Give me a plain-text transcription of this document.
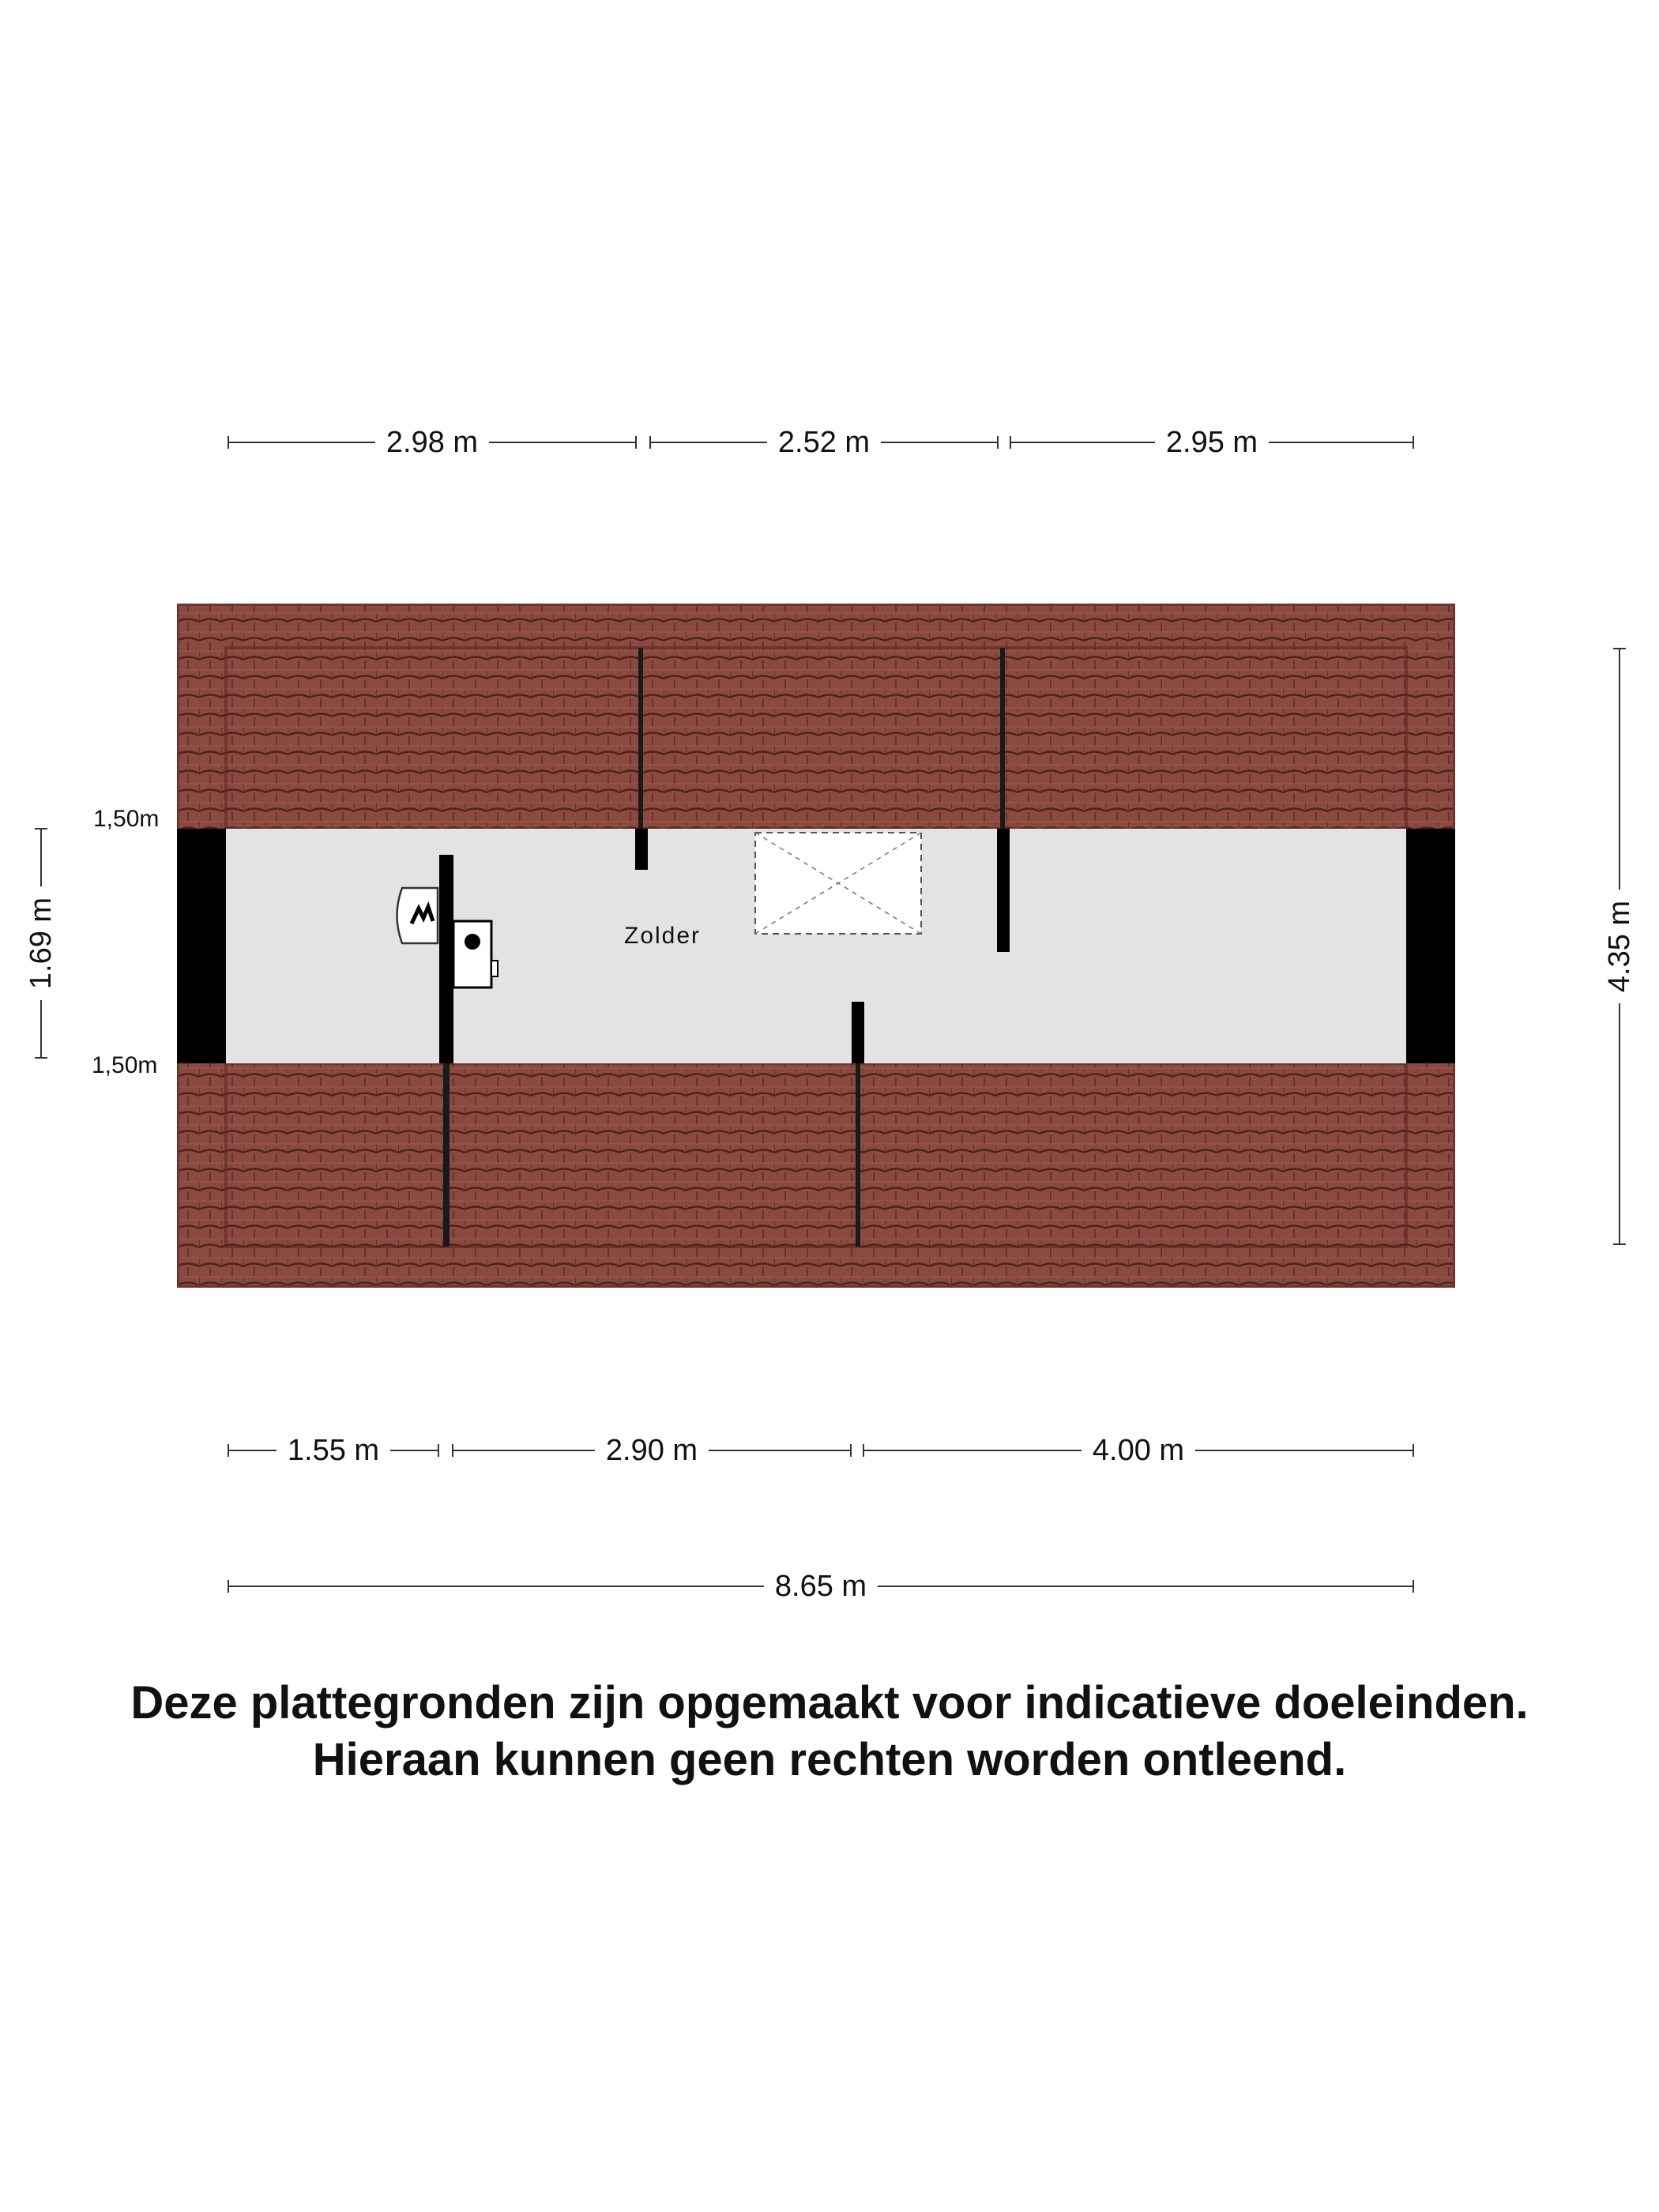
2.98 m	2.52 m	2.95 m
1.69 m
1,50m
1,50m
4.35 m
Zolder
1.55 m	2.90 m	4.00 m
8.65 m
Deze plattegronden zijn opgemaakt voor indicatieve doeleinden.
Hieraan kunnen geen rechten worden ontleend.
